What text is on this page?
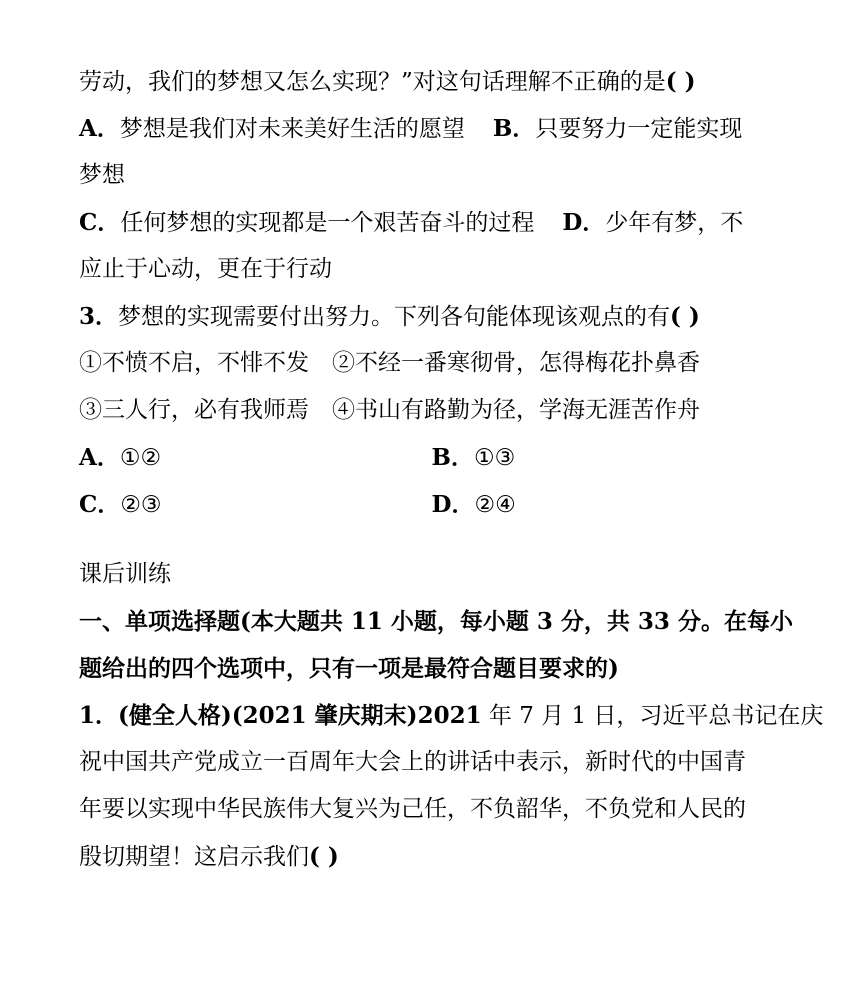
劳动，我们的梦想又怎么实现？”对这句话理解不正确的是( )
A．梦想是我们对未来美好生活的愿望 B．只要努力一定能实现
梦想
C．任何梦想的实现都是一个艰苦奋斗的过程 D．少年有梦，不
应止于心动，更在于行动
3．梦想的实现需要付出努力。下列各句能体现该观点的有( )
①不愤不启，不悱不发　②不经一番寒彻骨，怎得梅花扑鼻香
③三人行，必有我师焉　④书山有路勤为径，学海无涯苦作舟
A．①②	B．①③
C．②③	D．②④
课后训练
一、单项选择题(本大题共 11 小题，每小题 3 分，共 33 分。在每小
题给出的四个选项中，只有一项是最符合题目要求的)
1．(健全人格)(2021 肇庆期末)2021 年 7 月 1 日，习近平总书记在庆
祝中国共产党成立一百周年大会上的讲话中表示，新时代的中国青
年要以实现中华民族伟大复兴为己任，不负韶华，不负党和人民的
殷切期望！这启示我们( )
